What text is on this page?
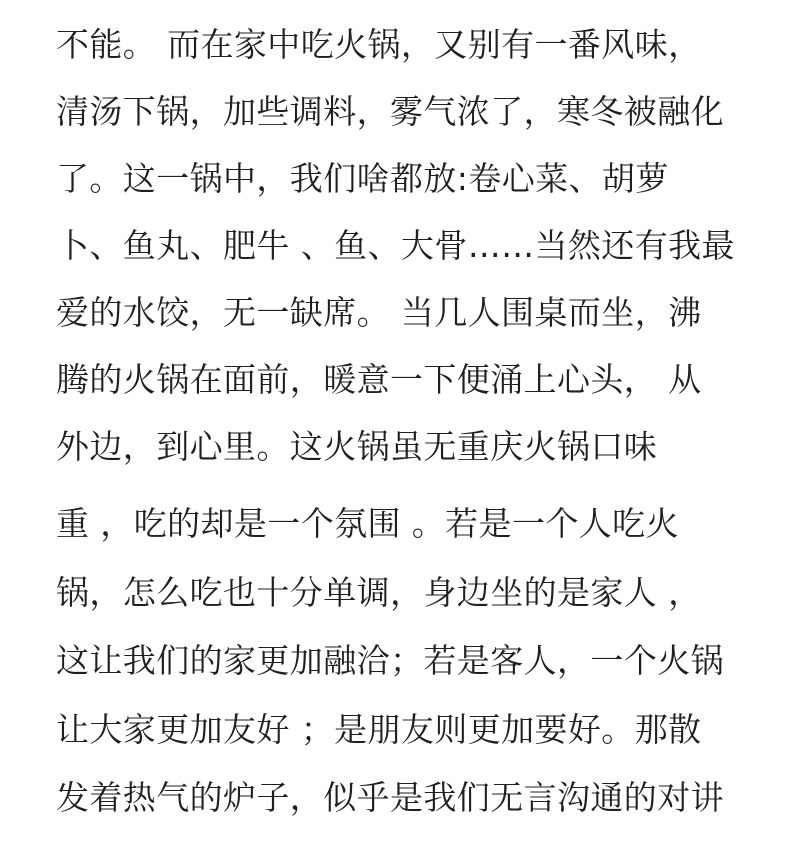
不能。 而在家中吃火锅，又别有一番风味，
清汤下锅，加些调料，雾气浓了，寒冬被融化
了。这一锅中，我们啥都放:卷心菜、胡萝
卜、鱼丸、肥牛 、鱼、大骨……当然还有我最
爱的水饺，无一缺席。 当几人围桌而坐，沸
腾的火锅在面前，暖意一下便涌上心头， 从
外边，到心里。这火锅虽无重庆火锅口味
重 ，吃的却是一个氛围 。若是一个人吃火
锅，怎么吃也十分单调，身边坐的是家人 ，
这让我们的家更加融洽；若是客人，一个火锅
让大家更加友好 ；是朋友则更加要好。那散
发着热气的炉子，似乎是我们无言沟通的对讲
